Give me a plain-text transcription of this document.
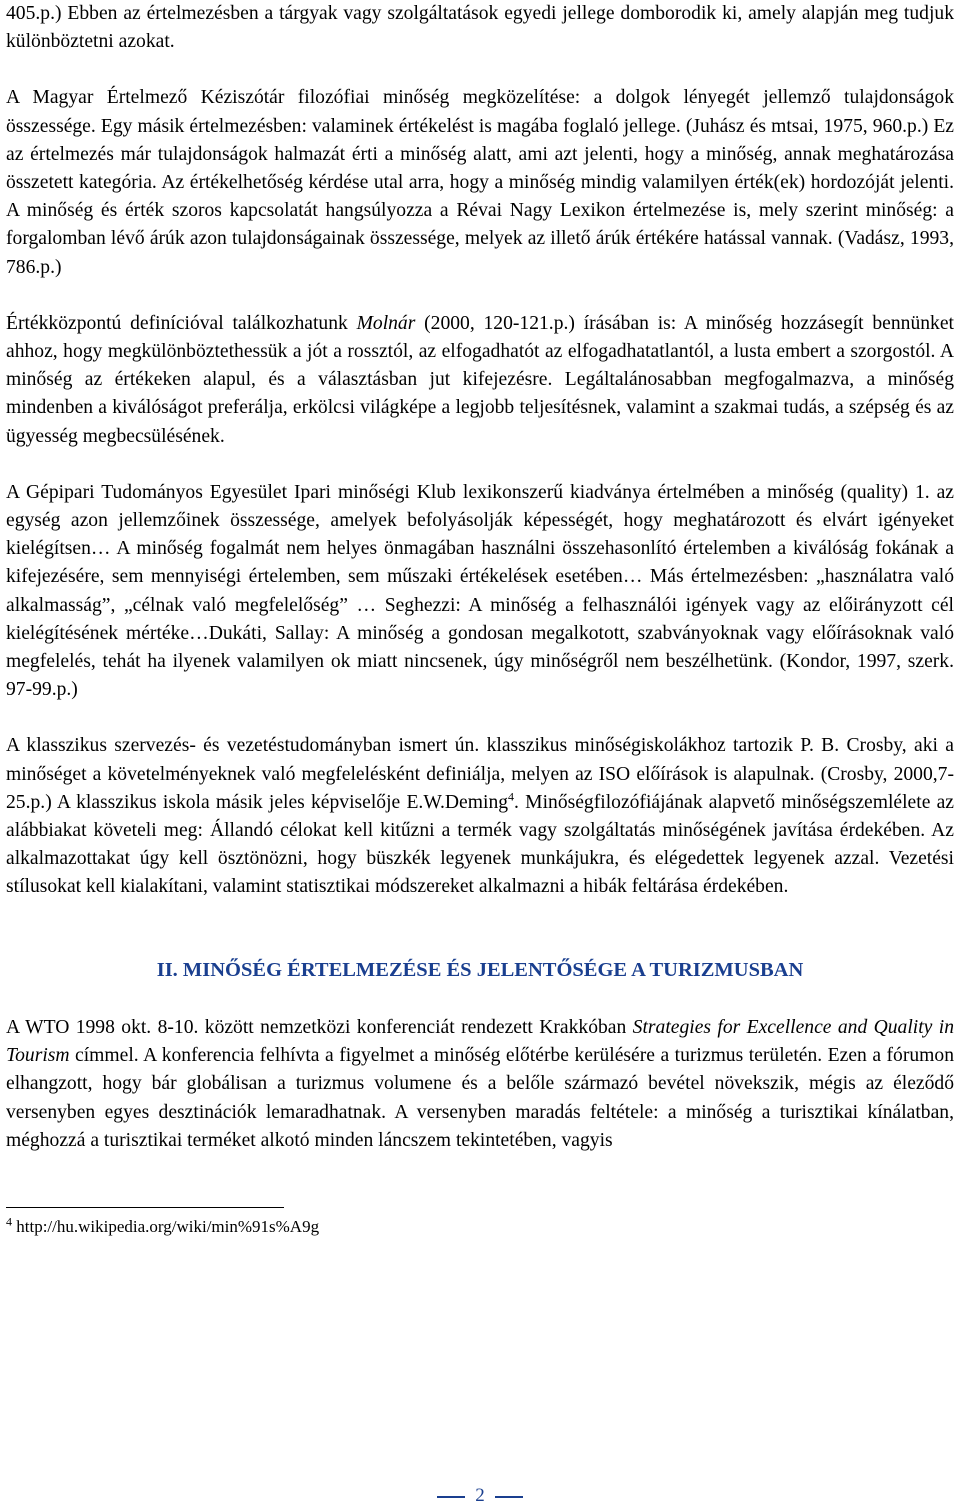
405.p.) Ebben az értelmezésben a tárgyak vagy szolgáltatások egyedi jellege domborodik ki, amely alapján meg tudjuk különböztetni azokat.

A Magyar Értelmező Kéziszótár filozófiai minőség megközelítése: a dolgok lényegét jellemző tulajdonságok összessége. Egy másik értelmezésben: valaminek értékelést is magába foglaló jellege. (Juhász és mtsai, 1975, 960.p.) Ez az értelmezés már tulajdonságok halmazát érti a minőség alatt, ami azt jelenti, hogy a minőség, annak meghatározása összetett kategória. Az értékelhetőség kérdése utal arra, hogy a minőség mindig valamilyen érték(ek) hordozóját jelenti. A minőség és érték szoros kapcsolatát hangsúlyozza a Révai Nagy Lexikon értelmezése is, mely szerint minőség: a forgalomban lévő árúk azon tulajdonságainak összessége, melyek az illető árúk értékére hatással vannak. (Vadász, 1993, 786.p.)

Értékközpontú definícióval találkozhatunk Molnár (2000, 120-121.p.) írásában is: A minőség hozzásegít bennünket ahhoz, hogy megkülönböztethessük a jót a rossztól, az elfogadhatót az elfogadhatatlantól, a lusta embert a szorgostól. A minőség az értékeken alapul, és a választásban jut kifejezésre. Legáltalánosabban megfogalmazva, a minőség mindenben a kiválóságot preferálja, erkölcsi világképe a legjobb teljesítésnek, valamint a szakmai tudás, a szépség és az ügyesség megbecsülésének.

A Gépipari Tudományos Egyesület Ipari minőségi Klub lexikonszerű kiadványa értelmében a minőség (quality) 1. az egység azon jellemzőinek összessége, amelyek befolyásolják képességét, hogy meghatározott és elvárt igényeket kielégítsen… A minőség fogalmát nem helyes önmagában használni összehasonlító értelemben a kiválóság fokának a kifejezésére, sem mennyiségi értelemben, sem műszaki értékelések esetében… Más értelmezésben: „használatra való alkalmasság”, „célnak való megfelelőség” … Seghezzi: A minőség a felhasználói igények vagy az előirányzott cél kielégítésének mértéke…Dukáti, Sallay: A minőség a gondosan megalkotott, szabványoknak vagy előírásoknak való megfelelés, tehát ha ilyenek valamilyen ok miatt nincsenek, úgy minőségről nem beszélhetünk. (Kondor, 1997, szerk. 97-99.p.)

A klasszikus szervezés- és vezetéstudományban ismert ún. klasszikus minőségiskolákhoz tartozik P. B. Crosby, aki a minőséget a követelményeknek való megfelelésként definiálja, melyen az ISO előírások is alapulnak. (Crosby, 2000,7-25.p.) A klasszikus iskola másik jeles képviselője E.W.Deming$^4$. Minőségfilozófiájának alapvető minőségszemlélete az alábbiakat követeli meg: Állandó célokat kell kitűzni a termék vagy szolgáltatás minőségének javítása érdekében. Az alkalmazottakat úgy kell ösztönözni, hogy büszkék legyenek munkájukra, és elégedettek legyenek azzal. Vezetési stílusokat kell kialakítani, valamint statisztikai módszereket alkalmazni a hibák feltárása érdekében.

II. MINŐSÉG ÉRTELMEZÉSE ÉS JELENTŐSÉGE A TURIZMUSBAN

A WTO 1998 okt. 8-10. között nemzetközi konferenciát rendezett Krakkóban Strategies for Excellence and Quality in Tourism címmel. A konferencia felhívta a figyelmet a minőség előtérbe kerülésére a turizmus területén. Ezen a fórumon elhangzott, hogy bár globálisan a turizmus volumene és a belőle származó bevétel növekszik, mégis az éleződő versenyben egyes desztinációk lemaradhatnak. A versenyben maradás feltétele: a minőség a turisztikai kínálatban, méghozzá a turisztikai terméket alkotó minden láncszem tekintetében, vagyis

$^4$ http://hu.wikipedia.org/wiki/min%91s%A9g
2
